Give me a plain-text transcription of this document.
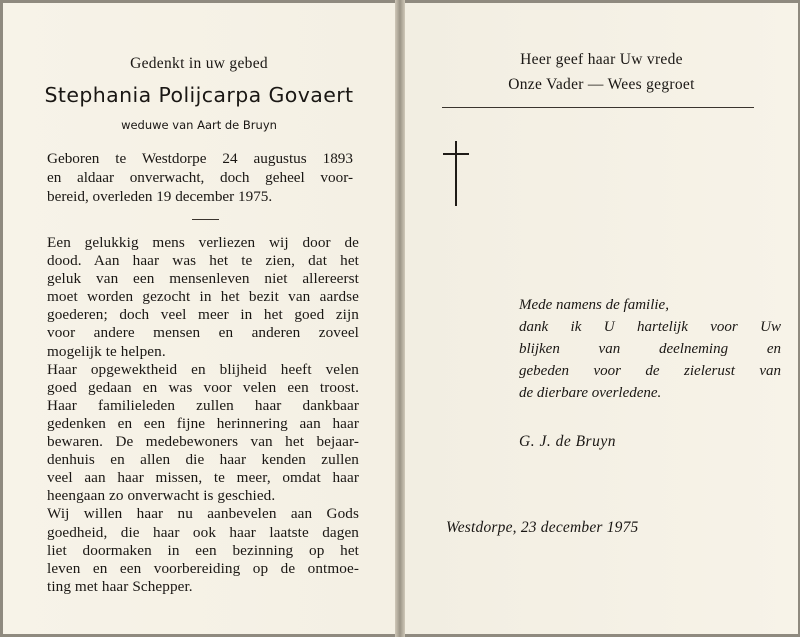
Gedenkt in uw gebed
Stephania Polijcarpa Govaert
weduwe van Aart de Bruyn
Geboren te Westdorpe 24 augustus 1893
en aldaar onverwacht, doch geheel voor-
bereid, overleden 19 december 1975.
Een gelukkig mens verliezen wij door de
dood. Aan haar was het te zien, dat het
geluk van een mensenleven niet allereerst
moet worden gezocht in het bezit van aardse
goederen; doch veel meer in het goed zijn
voor andere mensen en anderen zoveel
mogelijk te helpen.
Haar opgewektheid en blijheid heeft velen
goed gedaan en was voor velen een troost.
Haar familieleden zullen haar dankbaar
gedenken en een fijne herinnering aan haar
bewaren. De medebewoners van het bejaar-
denhuis en allen die haar kenden zullen
veel aan haar missen, te meer, omdat haar
heengaan zo onverwacht is geschied.
Wij willen haar nu aanbevelen aan Gods
goedheid, die haar ook haar laatste dagen
liet doormaken in een bezinning op het
leven en een voorbereiding op de ontmoe-
ting met haar Schepper.
Heer geef haar Uw vrede
Onze Vader — Wees gegroet
Mede namens de familie,
dank ik U hartelijk voor Uw
blijken van deelneming en
gebeden voor de zielerust van
de dierbare overledene.
G. J. de Bruyn
Westdorpe, 23 december 1975
